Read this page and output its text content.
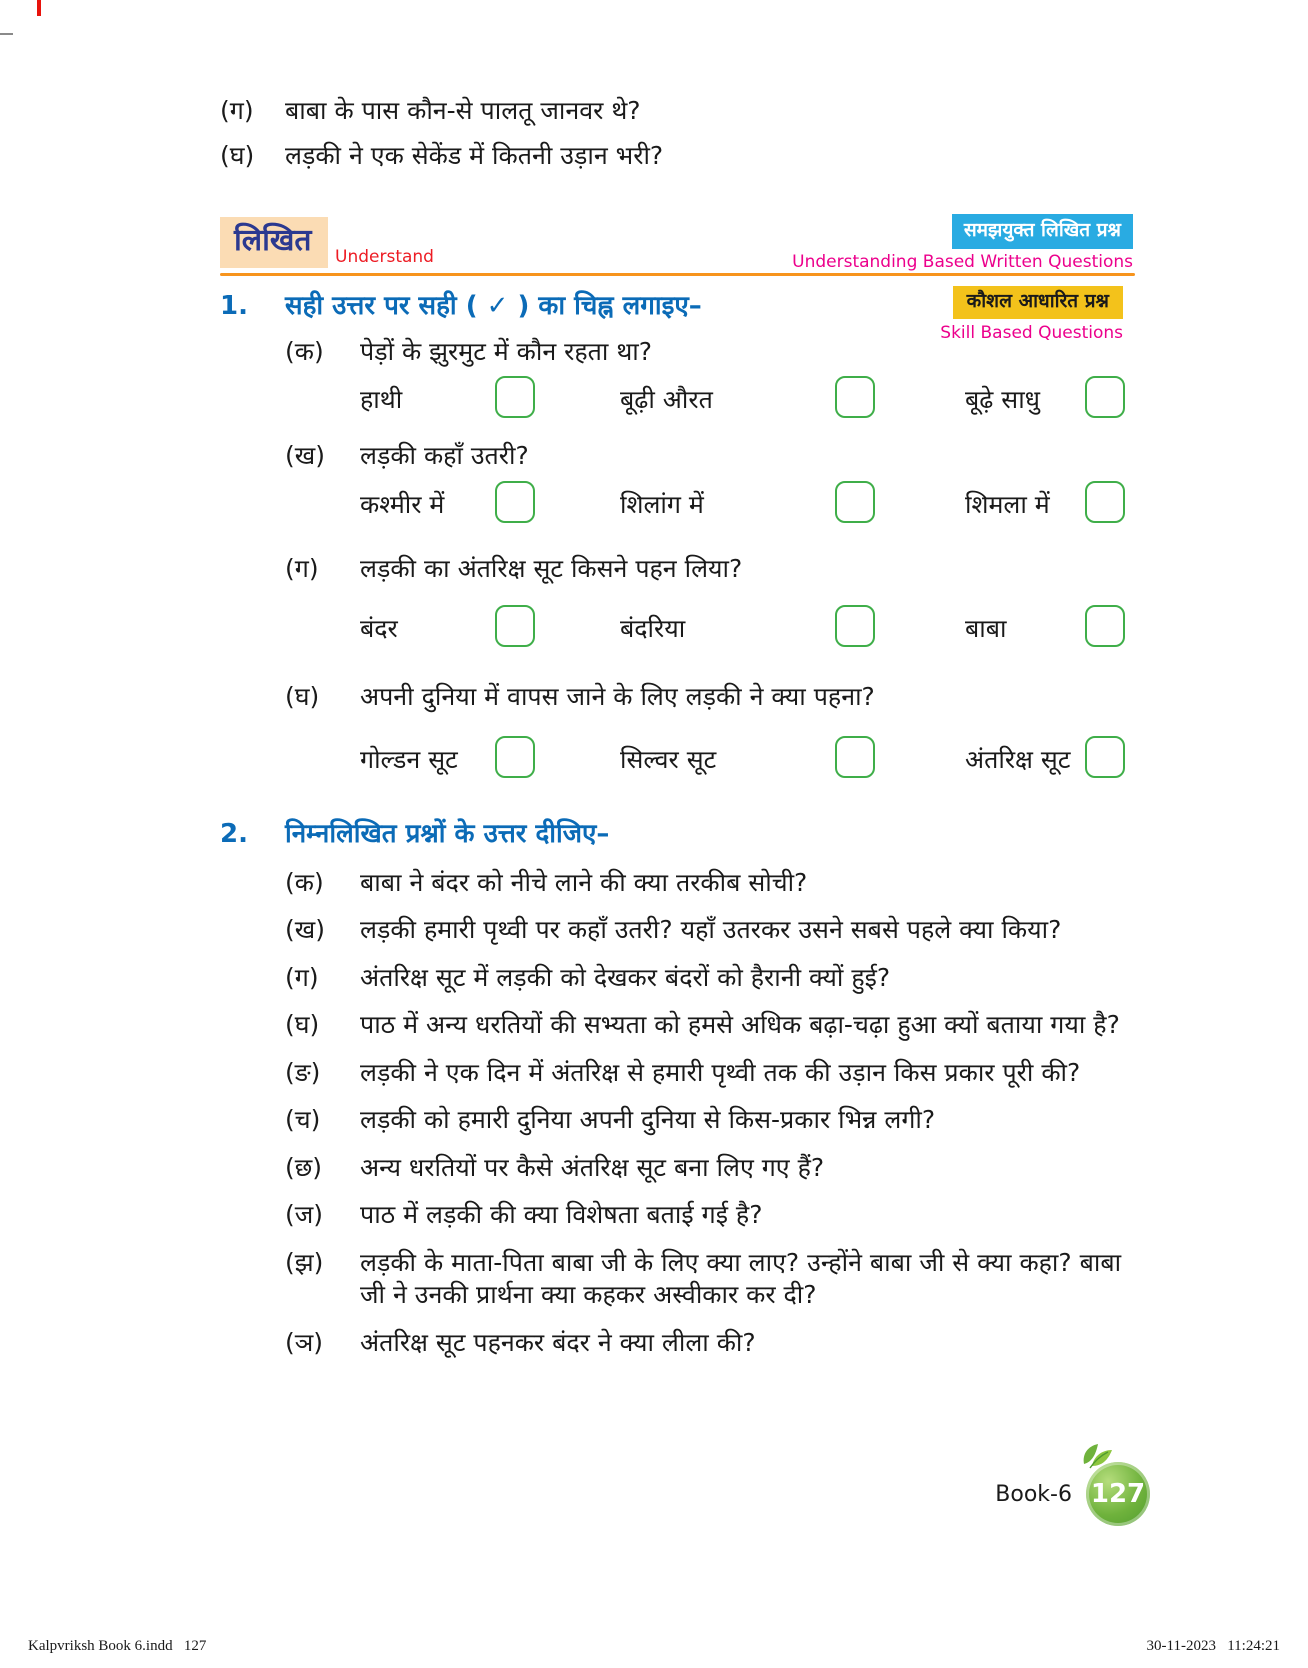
(ग)	बाबा के पास कौन-से पालतू जानवर थे?
(घ)	लड़की ने एक सेकेंड में कितनी उड़ान भरी?
लिखित	Understand
समझयुक्त लिखित प्रश्न
Understanding Based Written Questions
कौशल आधारित प्रश्न
Skill Based Questions
1.	सही उत्तर पर सही ( ✓ ) का चिह्न लगाइए–
(क)	पेड़ों के झुरमुट में कौन रहता था?
हाथी	बूढ़ी औरत	बूढ़े साधु
(ख)	लड़की कहाँ उतरी?
कश्मीर में	शिलांग में	शिमला में
(ग)	लड़की का अंतरिक्ष सूट किसने पहन लिया?
बंदर	बंदरिया	बाबा
(घ)	अपनी दुनिया में वापस जाने के लिए लड़की ने क्या पहना?
गोल्डन सूट	सिल्वर सूट	अंतरिक्ष सूट
2.	निम्नलिखित प्रश्नों के उत्तर दीजिए–
(क)	बाबा ने बंदर को नीचे लाने की क्या तरकीब सोची?
(ख)	लड़की हमारी पृथ्वी पर कहाँ उतरी? यहाँ उतरकर उसने सबसे पहले क्या किया?
(ग)	अंतरिक्ष सूट में लड़की को देखकर बंदरों को हैरानी क्यों हुई?
(घ)	पाठ में अन्य धरतियों की सभ्यता को हमसे अधिक बढ़ा-चढ़ा हुआ क्यों बताया गया है?
(ङ)	लड़की ने एक दिन में अंतरिक्ष से हमारी पृथ्वी तक की उड़ान किस प्रकार पूरी की?
(च)	लड़की को हमारी दुनिया अपनी दुनिया से किस-प्रकार भिन्न लगी?
(छ)	अन्य धरतियों पर कैसे अंतरिक्ष सूट बना लिए गए हैं?
(ज)	पाठ में लड़की की क्या विशेषता बताई गई है?
(झ)	लड़की के माता-पिता बाबा जी के लिए क्या लाए? उन्होंने बाबा जी से क्या कहा? बाबा जी ने उनकी प्रार्थना क्या कहकर अस्वीकार कर दी?
(ञ)	अंतरिक्ष सूट पहनकर बंदर ने क्या लीला की?
Book-6 127
Kalpvriksh Book 6.indd   127	30-11-2023   11:24:21
